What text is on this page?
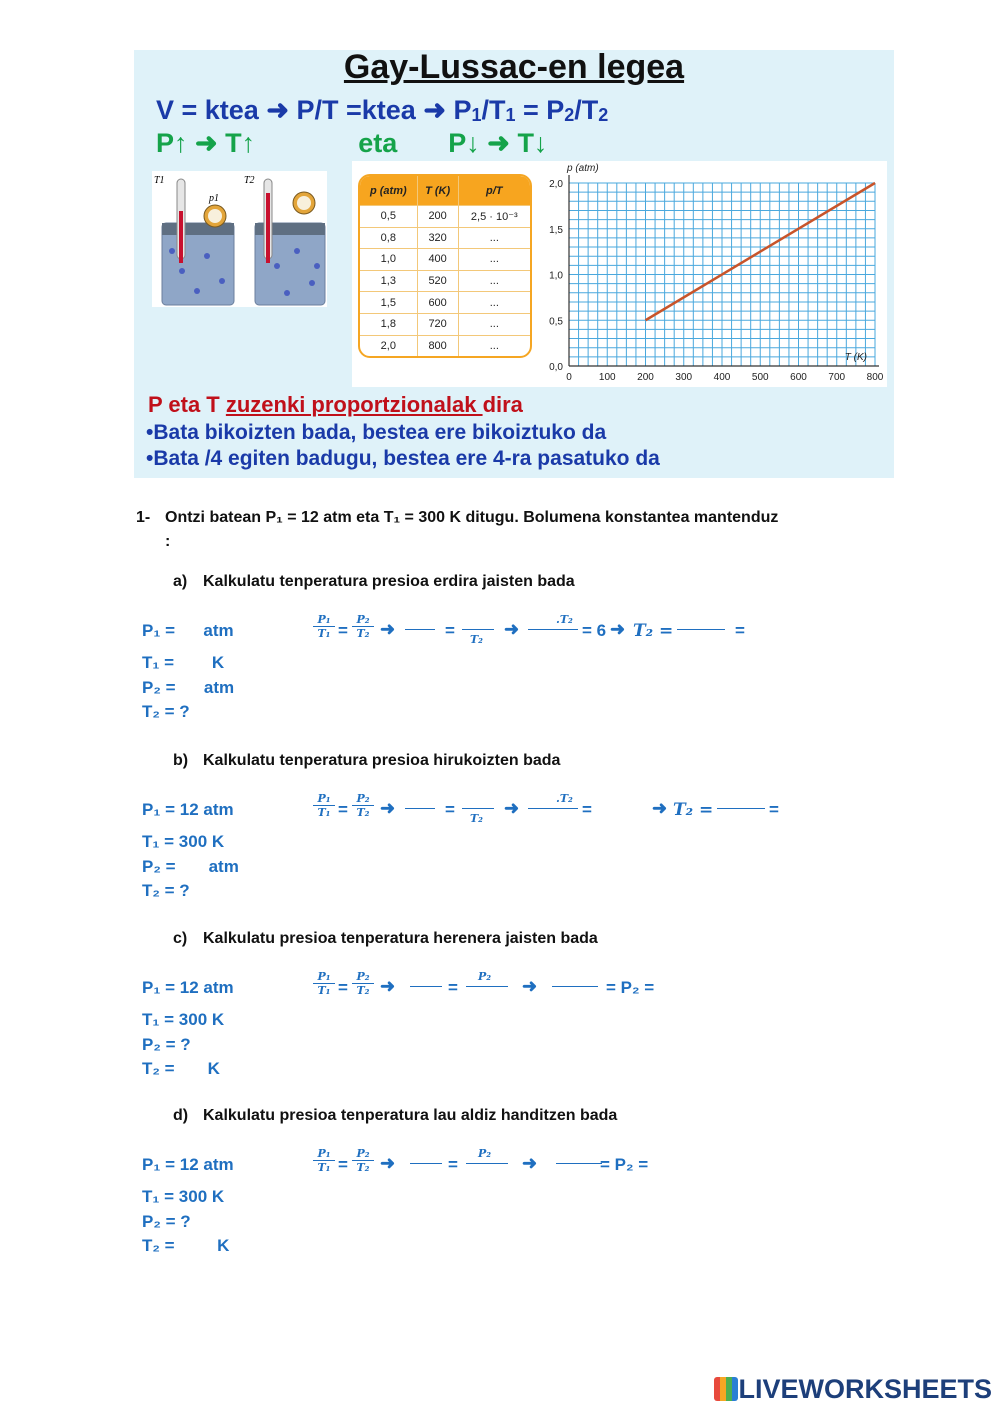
Gay-Lussac-en legea
V = ktea ➜ P/T =ktea ➜ P1/T1 = P2/T2
P↑ ➜ T↑	eta P↓ ➜ T↓
T1
p1
T2
p (atm)	T (K)	p/T
0,5	200	2,5 · 10⁻³
0,8	320	...
1,0	400	...
1,3	520	...
1,5	600	...
1,8	720	...
2,0	800	...
0	100 200 300 400 500 600 700 800
0,0
0,5
1,0
1,5
2,0
p (atm)
T (K)
P eta T zuzenki proportzionalak dira
•Bata bikoizten bada, bestea ere bikoiztuko da
•Bata /4 egiten badugu, bestea ere 4-ra pasatuko da
1- Ontzi batean P₁ = 12 atm eta T₁ = 300 K ditugu. Bolumena konstantea mantenduz
:
a) Kalkulatu tenperatura presioa erdira jaisten bada
P₁ =      atm
T₁ =        K
P₂ =      atm
T₂ = ?
$\frac{\text{P₁}}{\text{T₁}} = \frac{\text{P₂}}{\text{T₂}}$ ➜	= T₂
➜	.T₂
= 6 ➜ T₂ =	=
b) Kalkulatu tenperatura presioa hirukoizten bada
P₁ = 12 atm
T₁ = 300 K
P₂ =       atm
T₂ = ?
$\frac{\text{P₁}}{\text{T₁}} = \frac{\text{P₂}}{\text{T₂}}$ ➜	= T₂
➜	.T₂
=	➜ T₂ =	=
c) Kalkulatu presioa tenperatura herenera jaisten bada
P₁ = 12 atm
T₁ = 300 K
P₂ = ?
T₂ =       K
$\frac{\text{P₁}}{\text{T₁}} = \frac{\text{P₂}}{\text{T₂}}$ ➜	=
P₂ ➜	= P₂ =
d) Kalkulatu presioa tenperatura lau aldiz handitzen bada
P₁ = 12 atm
T₁ = 300 K
P₂ = ?
T₂ =         K
$\frac{\text{P₁}}{\text{T₁}} = \frac{\text{P₂}}{\text{T₂}}$ ➜	=
P₂ ➜	= P₂ =
LIVEWORKSHEETS
